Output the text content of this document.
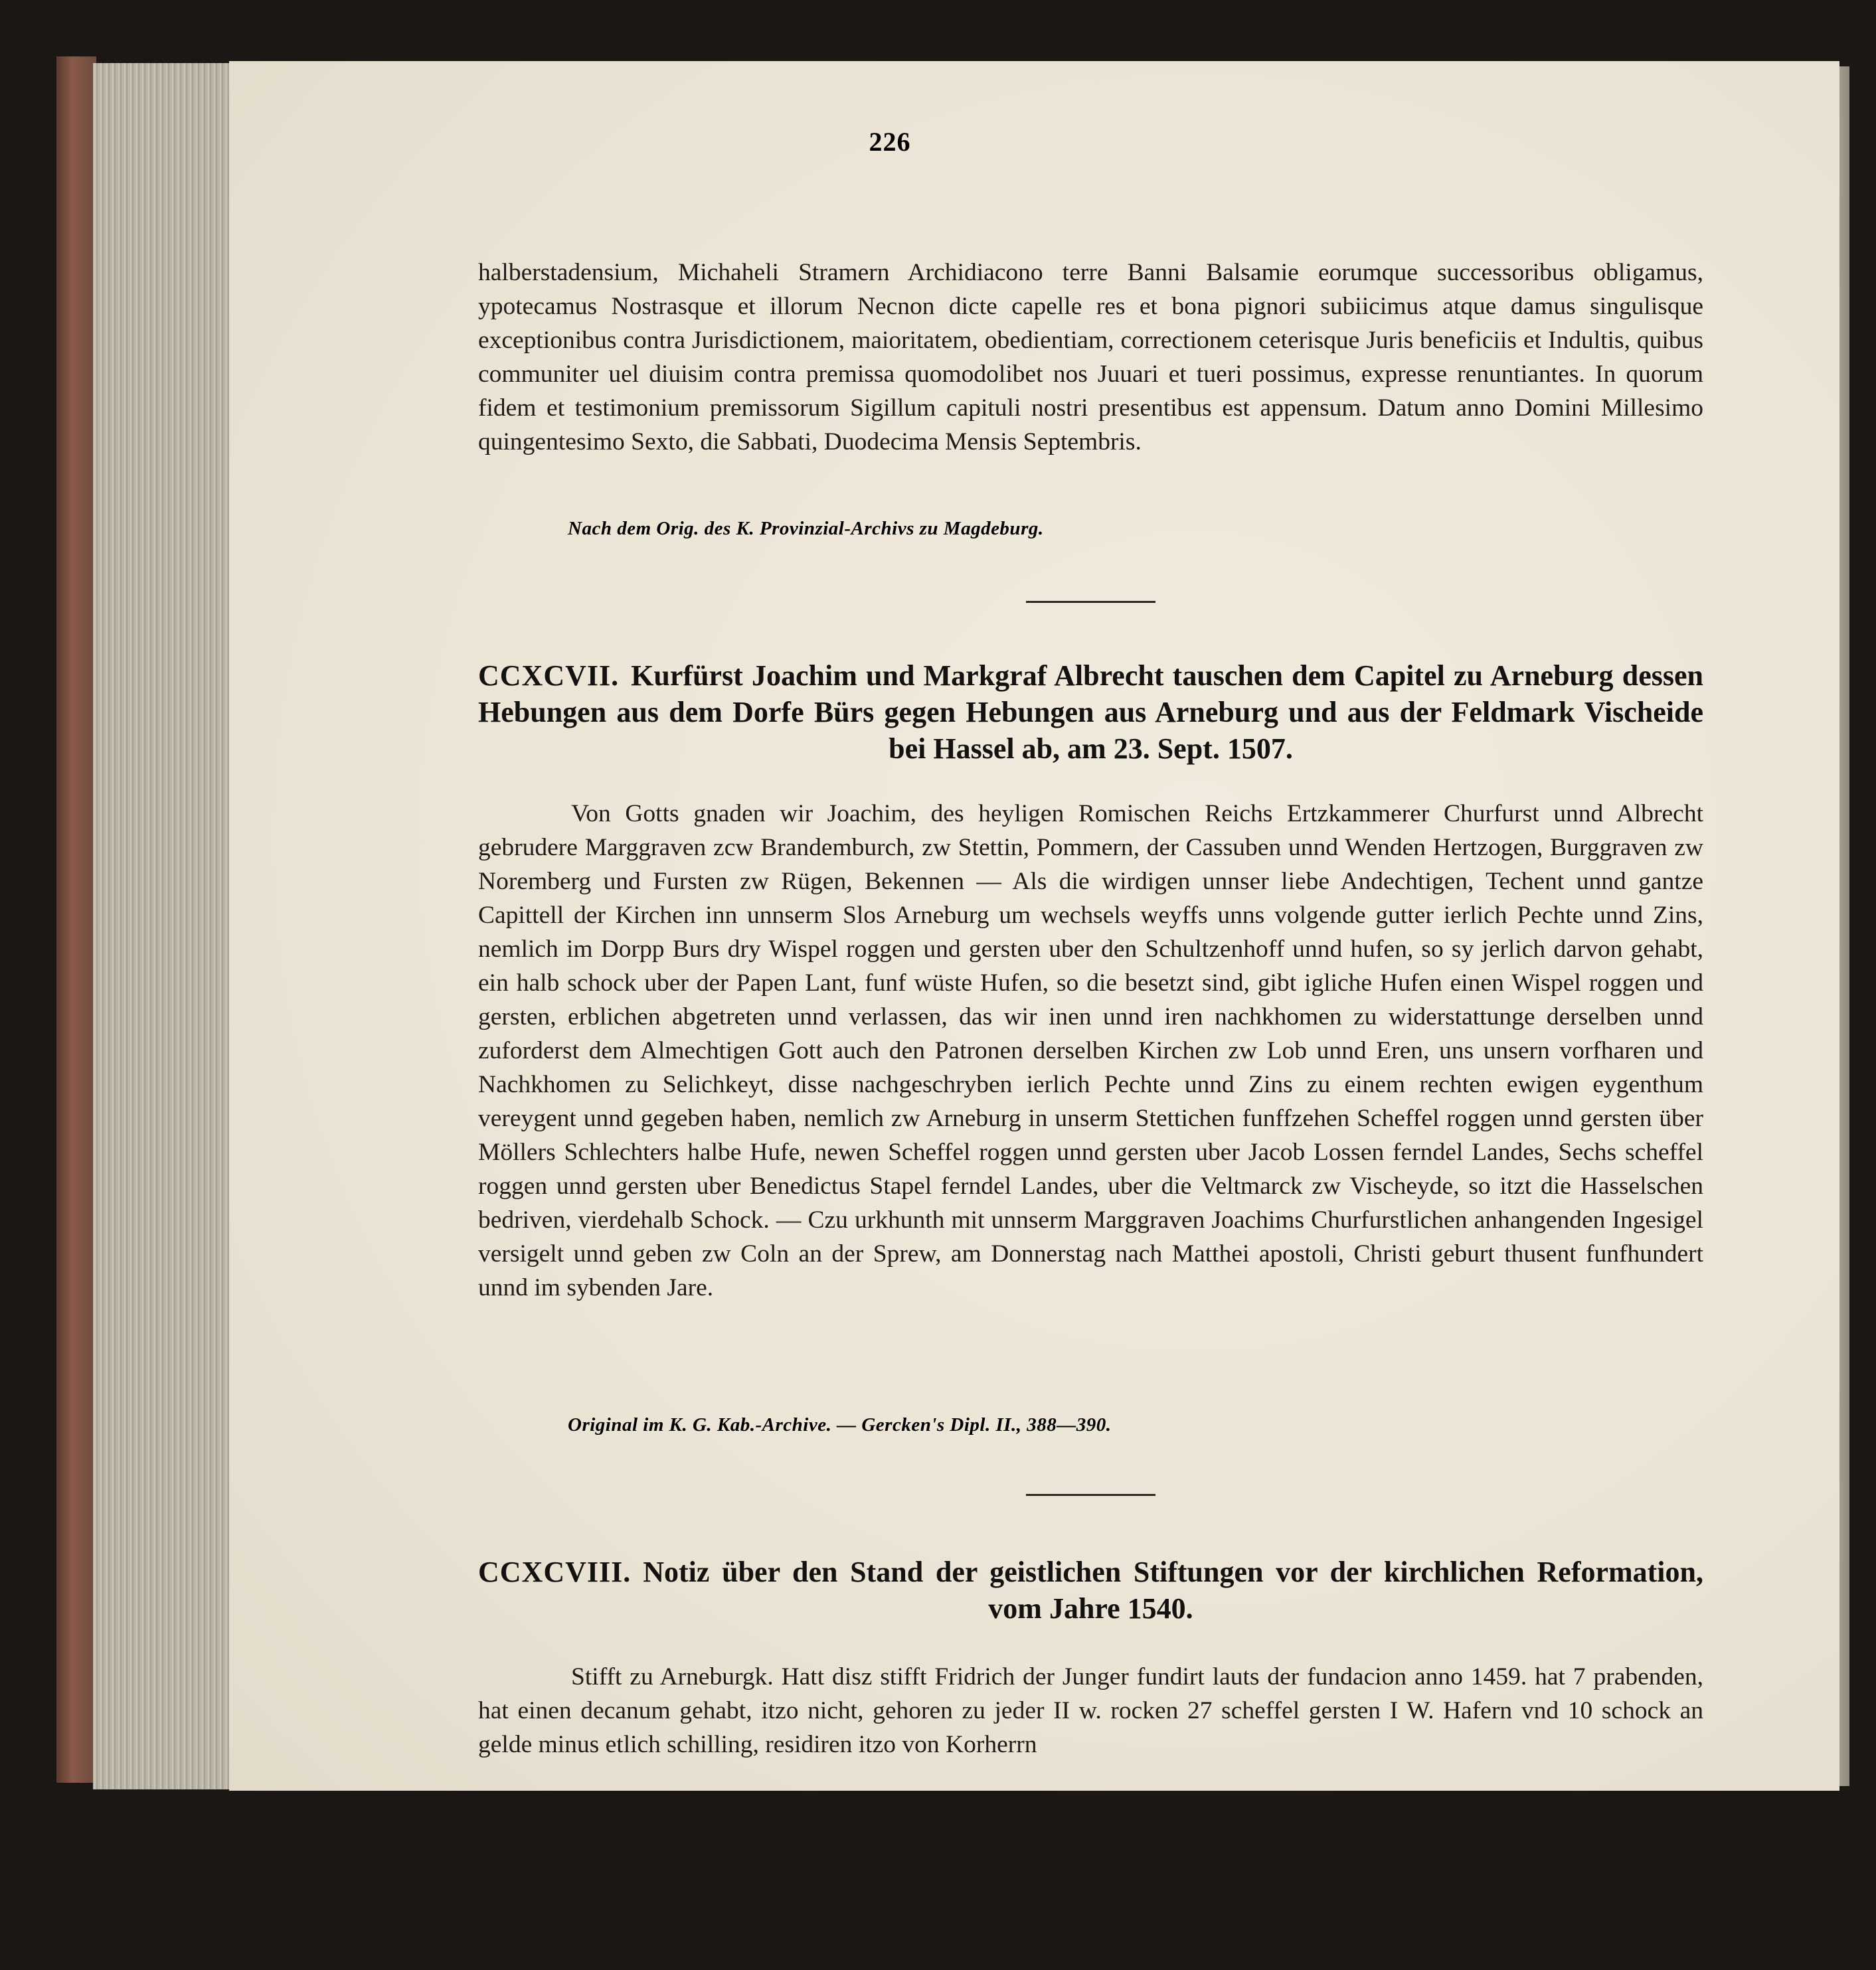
226

halberstadensium, Michaheli Stramern Archidiacono terre Banni Balsamie eorumque successoribus obligamus, ypotecamus Nostrasque et illorum Necnon dicte capelle res et bona pignori subiicimus atque damus singulisque exceptionibus contra Jurisdictionem, maioritatem, obedientiam, correctionem ceterisque Juris beneficiis et Indultis, quibus communiter uel diuisim contra premissa quomodolibet nos Juuari et tueri possimus, expresse renuntiantes. In quorum fidem et testimonium premissorum Sigillum capituli nostri presentibus est appensum. Datum anno Domini Millesimo quingentesimo Sexto, die Sabbati, Duodecima Mensis Septembris.

Nach dem Orig. des K. Provinzial-Archivs zu Magdeburg.
CCXCVII. Kurfürst Joachim und Markgraf Albrecht tauschen dem Capitel zu Arneburg dessen Hebungen aus dem Dorfe Bürs gegen Hebungen aus Arneburg und aus der Feldmark Vischeide bei Hassel ab, am 23. Sept. 1507.

Von Gotts gnaden wir Joachim, des heyligen Romischen Reichs Ertzkammerer Churfurst unnd Albrecht gebrudere Marggraven zcw Brandemburch, zw Stettin, Pommern, der Cassuben unnd Wenden Hertzogen, Burggraven zw Noremberg und Fursten zw Rügen, Bekennen — Als die wirdigen unnser liebe Andechtigen, Techent unnd gantze Capittell der Kirchen inn unnserm Slos Arneburg um wechsels weyffs unns volgende gutter ierlich Pechte unnd Zins, nemlich im Dorpp Burs dry Wispel roggen und gersten uber den Schultzenhoff unnd hufen, so sy jerlich darvon gehabt, ein halb schock uber der Papen Lant, funf wüste Hufen, so die besetzt sind, gibt igliche Hufen einen Wispel roggen und gersten, erblichen abgetreten unnd verlassen, das wir inen unnd iren nachkhomen zu widerstattunge derselben unnd zuforderst dem Almechtigen Gott auch den Patronen derselben Kirchen zw Lob unnd Eren, uns unsern vorfharen und Nachkhomen zu Selichkeyt, disse nachgeschryben ierlich Pechte unnd Zins zu einem rechten ewigen eygenthum vereygent unnd gegeben haben, nemlich zw Arneburg in unserm Stettichen funffzehen Scheffel roggen unnd gersten über Möllers Schlechters halbe Hufe, newen Scheffel roggen unnd gersten uber Jacob Lossen ferndel Landes, Sechs scheffel roggen unnd gersten uber Benedictus Stapel ferndel Landes, uber die Veltmarck zw Vischeyde, so itzt die Hasselschen bedriven, vierdehalb Schock. — Czu urkhunth mit unnserm Marggraven Joachims Churfurstlichen anhangenden Ingesigel versigelt unnd geben zw Coln an der Sprew, am Donnerstag nach Matthei apostoli, Christi geburt thusent funfhundert unnd im sybenden Jare.

Original im K. G. Kab.-Archive. — Gercken's Dipl. II., 388—390.
CCXCVIII. Notiz über den Stand der geistlichen Stiftungen vor der kirchlichen Reformation, vom Jahre 1540.

Stifft zu Arneburgk. Hatt disz stifft Fridrich der Junger fundirt lauts der fundacion anno 1459. hat 7 prabenden, hat einen decanum gehabt, itzo nicht, gehoren zu jeder II w. rocken 27 scheffel gersten I W. Hafern vnd 10 schock an gelde minus etlich schilling, residiren itzo von Korherrn
